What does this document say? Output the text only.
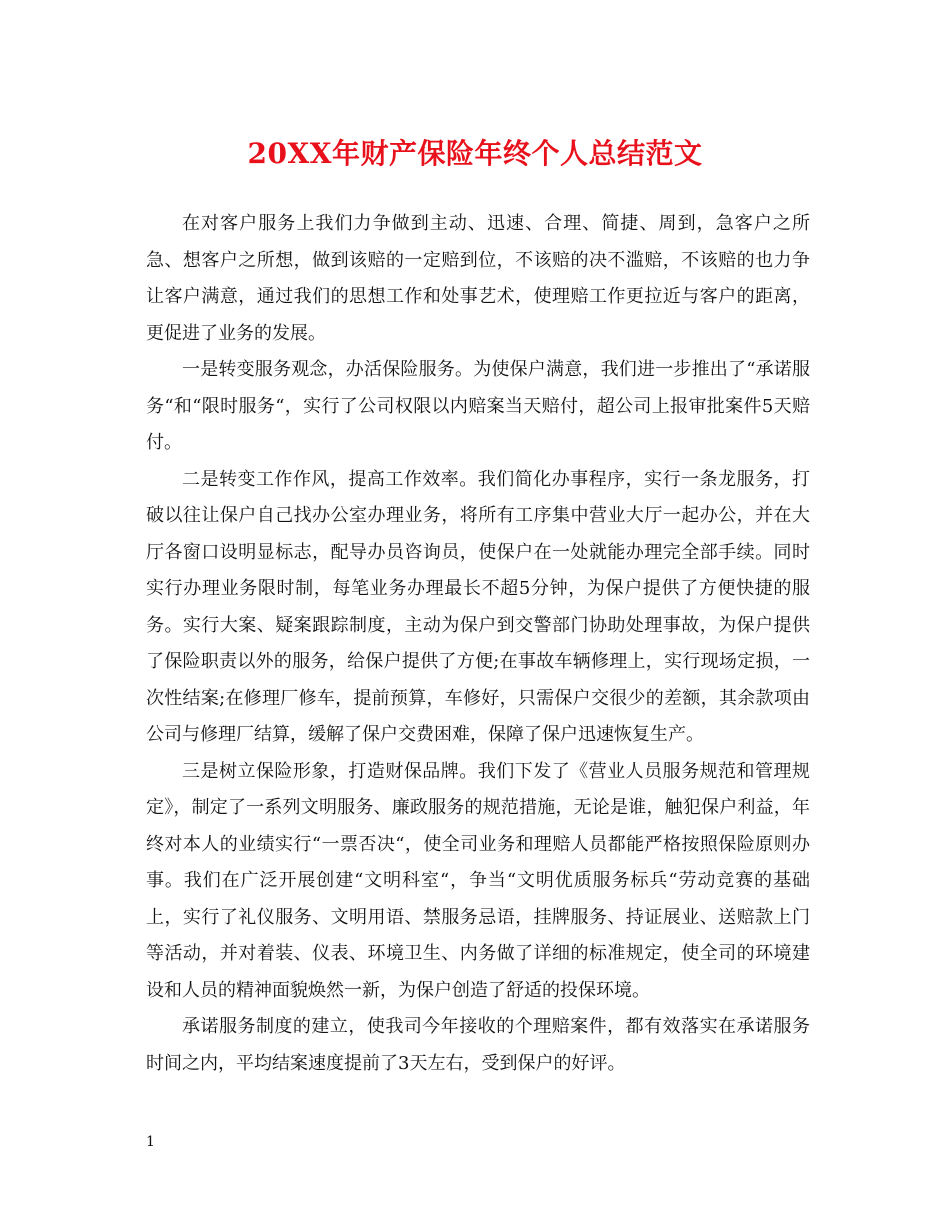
20XX年财产保险年终个人总结范文

在对客户服务上我们力争做到主动、迅速、合理、简捷、周到，急客户之所急、想客户之所想，做到该赔的一定赔到位，不该赔的决不滥赔，不该赔的也力争让客户满意，通过我们的思想工作和处事艺术，使理赔工作更拉近与客户的距离，更促进了业务的发展。

一是转变服务观念，办活保险服务。为使保户满意，我们进一步推出了“承诺服务“和“限时服务“，实行了公司权限以内赔案当天赔付，超公司上报审批案件5天赔付。

二是转变工作作风，提高工作效率。我们简化办事程序，实行一条龙服务，打破以往让保户自己找办公室办理业务，将所有工序集中营业大厅一起办公，并在大厅各窗口设明显标志，配导办员咨询员，使保户在一处就能办理完全部手续。同时实行办理业务限时制，每笔业务办理最长不超5分钟，为保户提供了方便快捷的服务。实行大案、疑案跟踪制度，主动为保户到交警部门协助处理事故，为保户提供了保险职责以外的服务，给保户提供了方便;在事故车辆修理上，实行现场定损，一次性结案;在修理厂修车，提前预算，车修好，只需保户交很少的差额，其余款项由公司与修理厂结算，缓解了保户交费困难，保障了保户迅速恢复生产。

三是树立保险形象，打造财保品牌。我们下发了《营业人员服务规范和管理规定》，制定了一系列文明服务、廉政服务的规范措施，无论是谁，触犯保户利益，年终对本人的业绩实行“一票否决“，使全司业务和理赔人员都能严格按照保险原则办事。我们在广泛开展创建“文明科室“，争当“文明优质服务标兵“劳动竞赛的基础上，实行了礼仪服务、文明用语、禁服务忌语，挂牌服务、持证展业、送赔款上门等活动，并对着装、仪表、环境卫生、内务做了详细的标准规定，使全司的环境建设和人员的精神面貌焕然一新，为保户创造了舒适的投保环境。

承诺服务制度的建立，使我司今年接收的个理赔案件，都有效落实在承诺服务时间之内，平均结案速度提前了3天左右，受到保户的好评。

1
